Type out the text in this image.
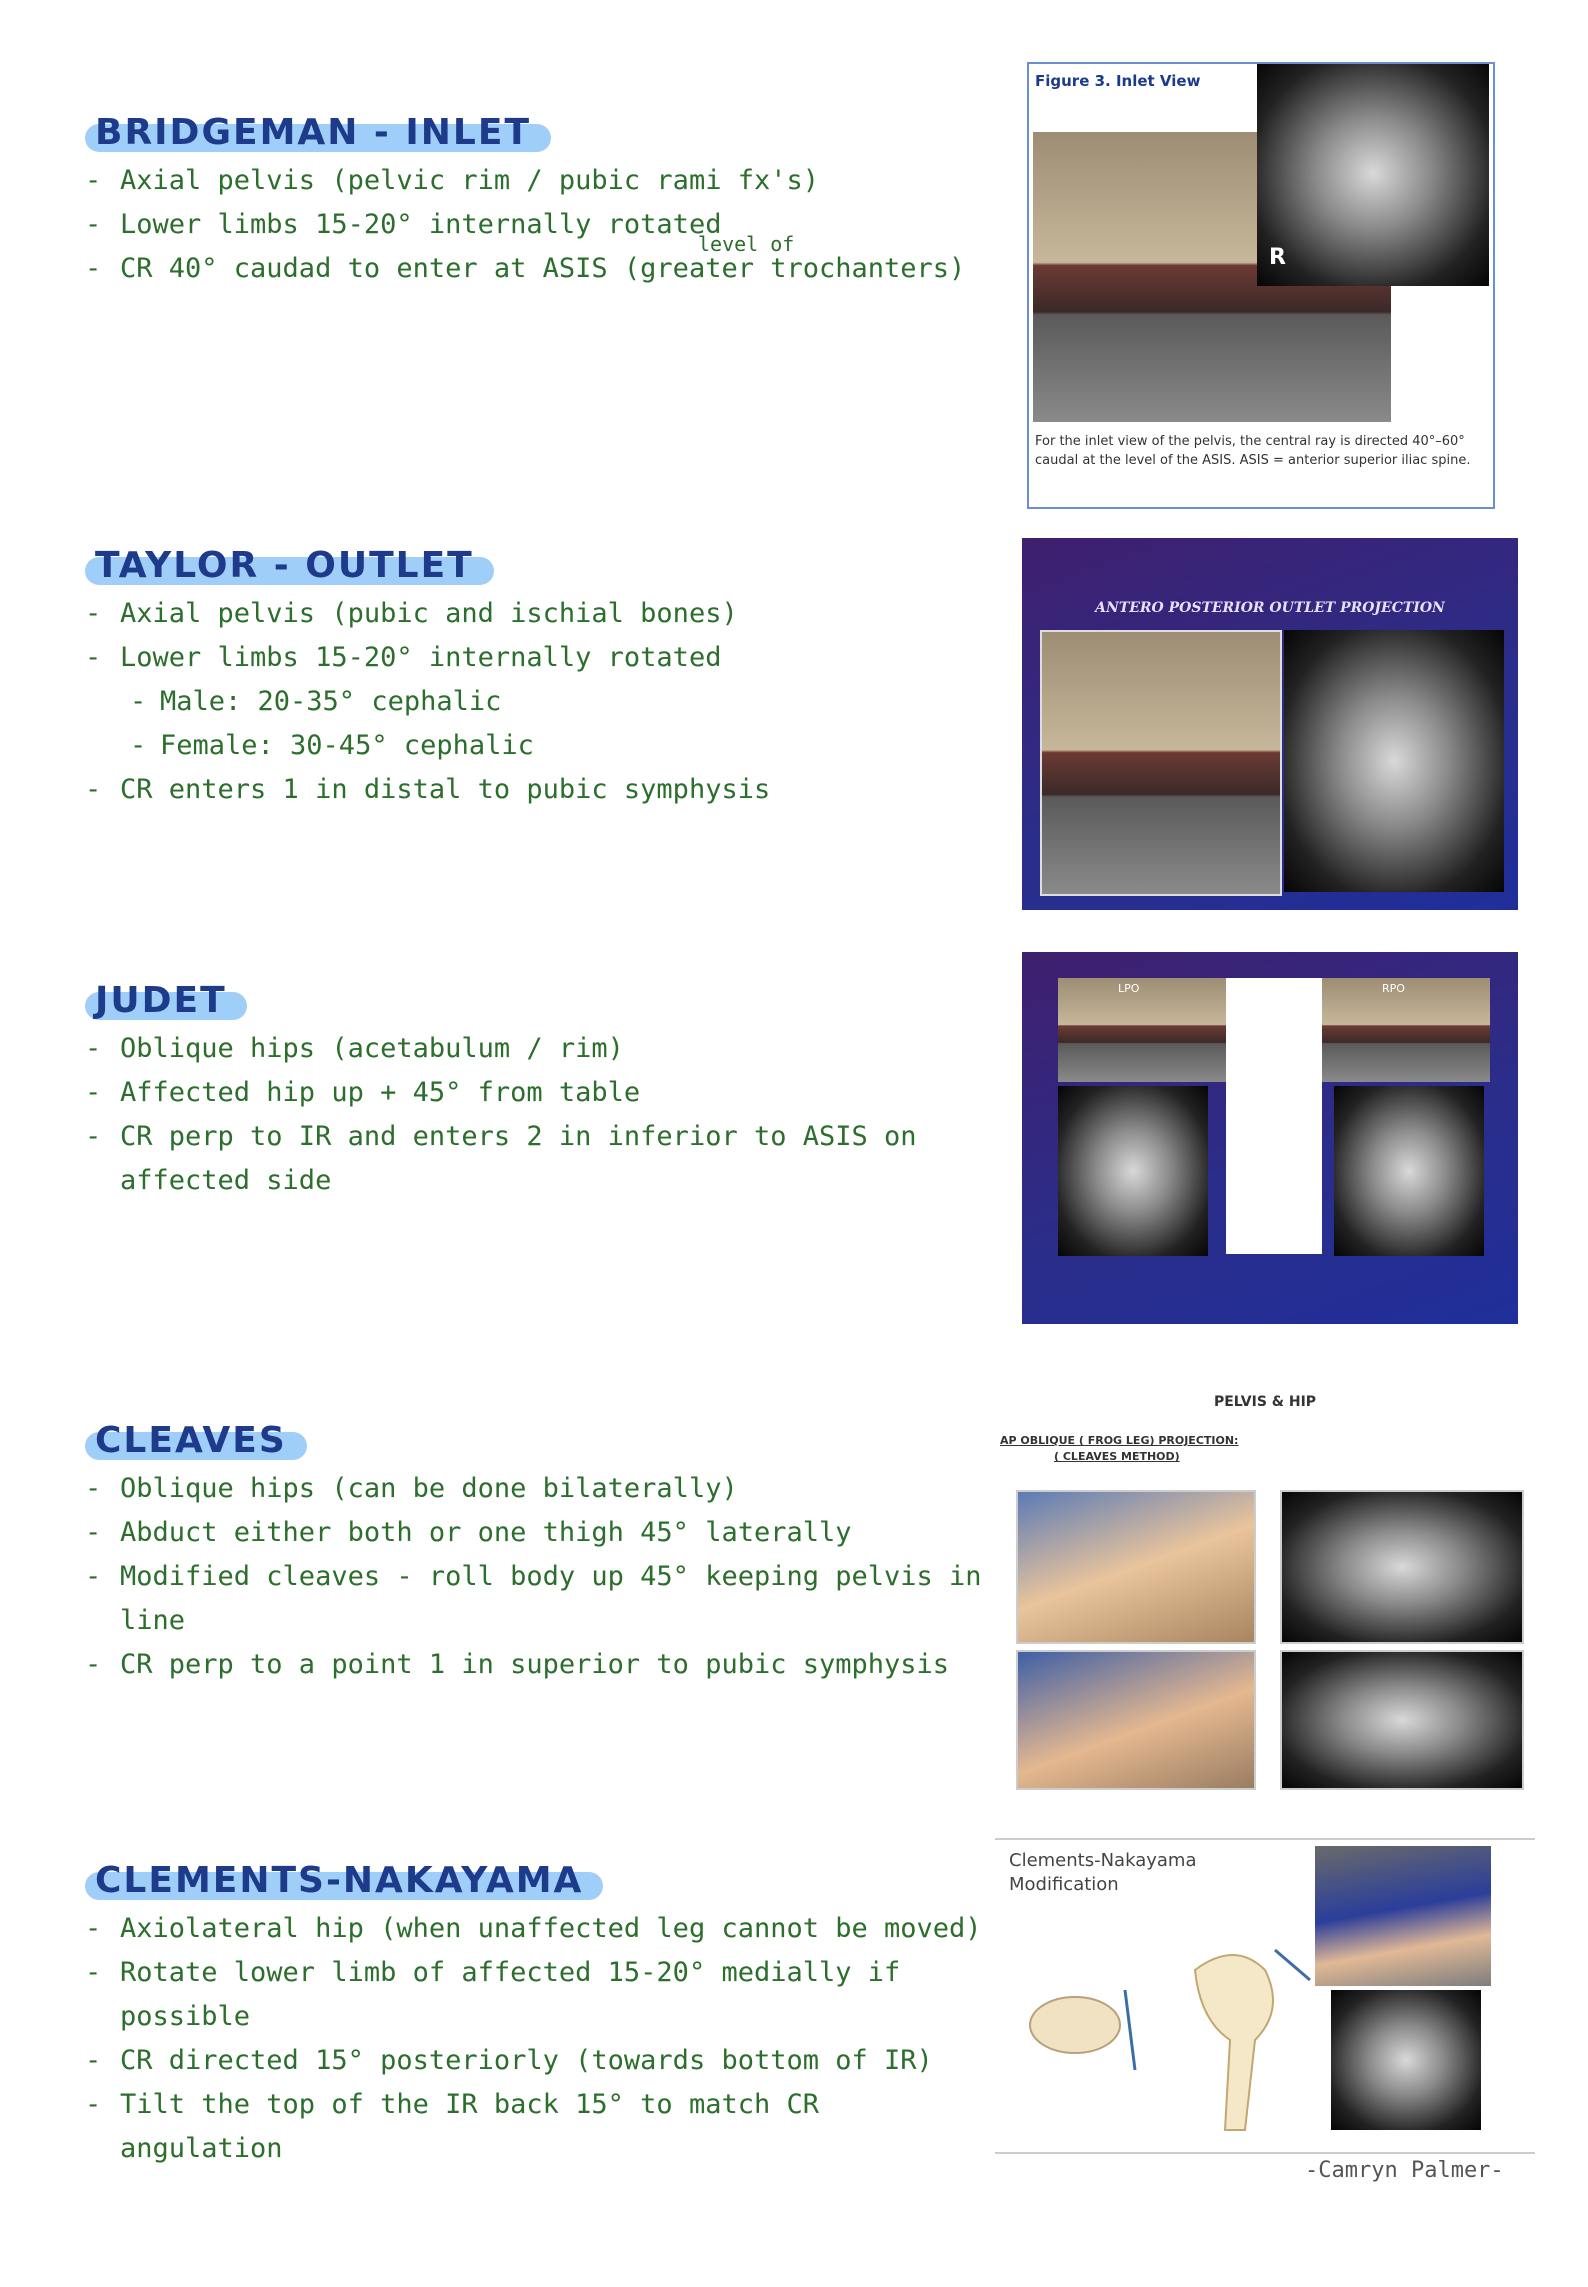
BRIDGEMAN - INLET
- Axial pelvis (pelvic rim / pubic rami fx's)
- Lower limbs 15-20° internally rotated
- CR 40° caudad to enter at ASIS (greater trochanters)
level of
TAYLOR - OUTLET
- Axial pelvis (pubic and ischial bones)
- Lower limbs 15-20° internally rotated
- Male: 20-35° cephalic
- Female: 30-45° cephalic
- CR enters 1 in distal to pubic symphysis
JUDET
- Oblique hips (acetabulum / rim)
- Affected hip up + 45° from table
- CR perp to IR and enters 2 in inferior to ASIS on affected side
CLEAVES
- Oblique hips (can be done bilaterally)
- Abduct either both or one thigh 45° laterally
- Modified cleaves - roll body up 45° keeping pelvis in line
- CR perp to a point 1 in superior to pubic symphysis
CLEMENTS-NAKAYAMA
- Axiolateral hip (when unaffected leg cannot be moved)
- Rotate lower limb of affected 15-20° medially if possible
- CR directed 15° posteriorly (towards bottom of IR)
- Tilt the top of the IR back 15° to match CR angulation
Figure 3. Inlet View
R
For the inlet view of the pelvis, the central ray is directed 40°–60° caudal at the level of the ASIS. ASIS = anterior superior iliac spine.
ANTERO POSTERIOR OUTLET PROJECTION
LPO	RPO
PELVIS & HIP
AP OBLIQUE ( FROG LEG) PROJECTION:
( CLEAVES METHOD)
Clements-Nakayama
Modification
-Camryn Palmer-
